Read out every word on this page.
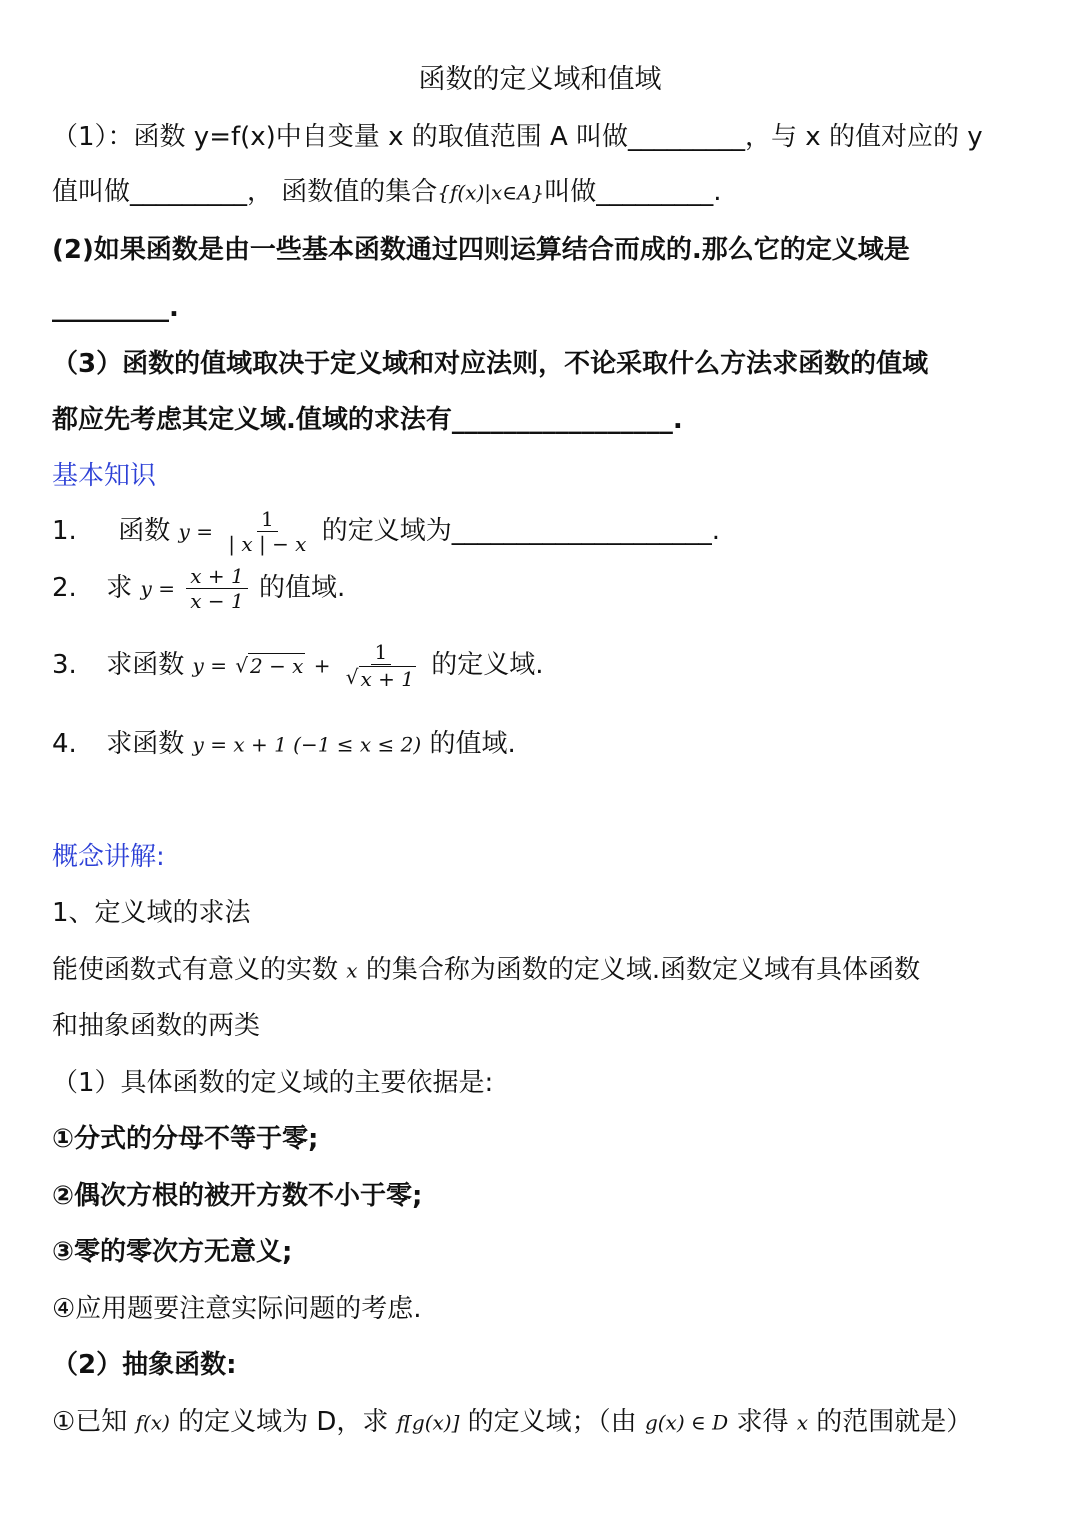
函数的定义域和值域
（1）：函数 y=f(x)中自变量 x 的取值范围 A 叫做_________，与 x 的值对应的 y
值叫做_________， 函数值的集合{f(x)|x∈A}叫做_________.
(2)如果函数是由一些基本函数通过四则运算结合而成的.那么它的定义域是
_________.
（3）函数的值域取决于定义域和对应法则，不论采取什么方法求函数的值域
都应先考虑其定义域.值域的求法有_________________.
基本知识
1. 函数 $y = \frac{1}{| x | - x}$ 的定义域为____________________.
2. 求 $y = \frac{x + 1}{x - 1}$ 的值域.
3. 求函数 y = √ $2 - x + \frac{1}{√ x + 1}$ 的定义域.
4. 求函数 y = x + 1 (−1 ≤ x ≤ 2) 的值域.
概念讲解:
1、定义域的求法
能使函数式有意义的实数 x 的集合称为函数的定义域.函数定义域有具体函数
和抽象函数的两类
（1）具体函数的定义域的主要依据是:
①分式的分母不等于零;
②偶次方根的被开方数不小于零;
③零的零次方无意义;
④应用题要注意实际问题的考虑.
（2）抽象函数:
①已知 f(x) 的定义域为 D，求 f[g(x)] 的定义域；（由 g(x) ∈ D 求得 x 的范围就是）
